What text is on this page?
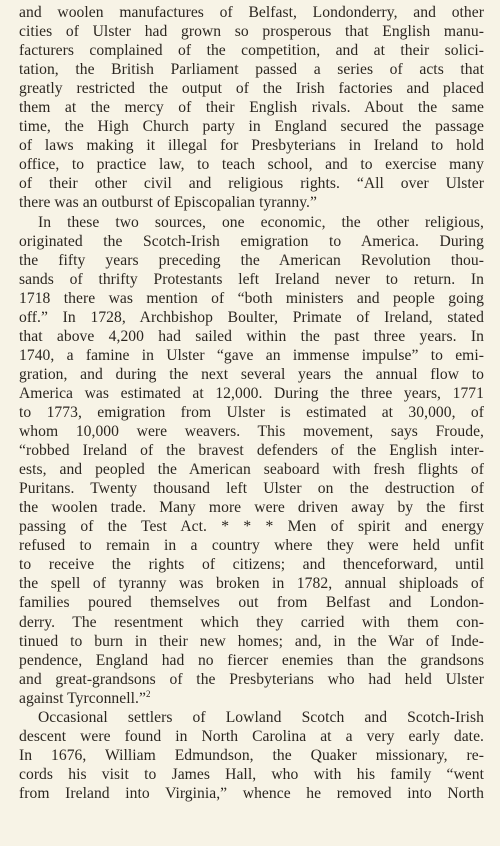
and woolen manufactures of Belfast, Londonderry, and other
cities of Ulster had grown so prosperous that English manu-
facturers complained of the competition, and at their solici-
tation, the British Parliament passed a series of acts that
greatly restricted the output of the Irish factories and placed
them at the mercy of their English rivals. About the same
time, the High Church party in England secured the passage
of laws making it illegal for Presbyterians in Ireland to hold
office, to practice law, to teach school, and to exercise many
of their other civil and religious rights. “All over Ulster
there was an outburst of Episcopalian tyranny.”
In these two sources, one economic, the other religious,
originated the Scotch-Irish emigration to America. During
the fifty years preceding the American Revolution thou-
sands of thrifty Protestants left Ireland never to return. In
1718 there was mention of “both ministers and people going
off.” In 1728, Archbishop Boulter, Primate of Ireland, stated
that above 4,200 had sailed within the past three years. In
1740, a famine in Ulster “gave an immense impulse” to emi-
gration, and during the next several years the annual flow to
America was estimated at 12,000. During the three years, 1771
to 1773, emigration from Ulster is estimated at 30,000, of
whom 10,000 were weavers. This movement, says Froude,
“robbed Ireland of the bravest defenders of the English inter-
ests, and peopled the American seaboard with fresh flights of
Puritans. Twenty thousand left Ulster on the destruction of
the woolen trade. Many more were driven away by the first
passing of the Test Act. * * * Men of spirit and energy
refused to remain in a country where they were held unfit
to receive the rights of citizens; and thenceforward, until
the spell of tyranny was broken in 1782, annual shiploads of
families poured themselves out from Belfast and London-
derry. The resentment which they carried with them con-
tinued to burn in their new homes; and, in the War of Inde-
pendence, England had no fiercer enemies than the grandsons
and great-grandsons of the Presbyterians who had held Ulster
against Tyrconnell.”$^2$
Occasional settlers of Lowland Scotch and Scotch-Irish
descent were found in North Carolina at a very early date.
In 1676, William Edmundson, the Quaker missionary, re-
cords his visit to James Hall, who with his family “went
from Ireland into Virginia,” whence he removed into North
